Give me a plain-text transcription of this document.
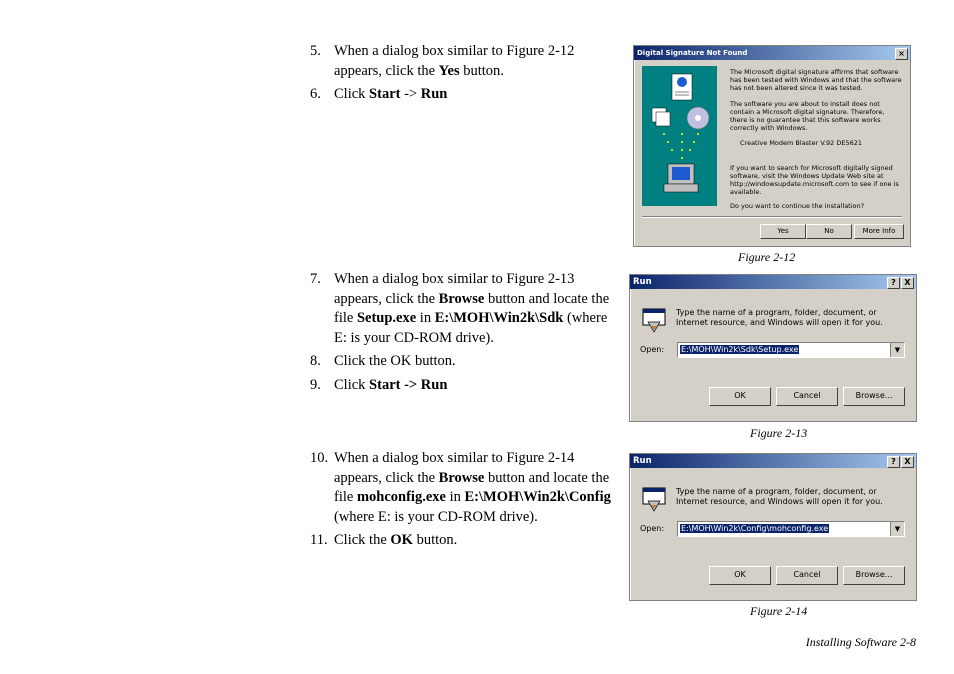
5. When a dialog box similar to Figure 2-12 appears, click the Yes button.
6. Click Start -> Run
7. When a dialog box similar to Figure 2-13 appears, click the Browse button and locate the file Setup.exe in E:\MOH\Win2k\Sdk (where E: is your CD-ROM drive).
8. Click the OK button.
9. Click Start -> Run
10. When a dialog box similar to Figure 2-14 appears, click the Browse button and locate the file mohconfig.exe in E:\MOH\Win2k\Config (where E: is your CD-ROM drive).
11. Click the OK button.
Digital Signature Not Found	×
The Microsoft digital signature affirms that software has been tested with Windows and that the software has not been altered since it was tested.
The software you are about to install does not contain a Microsoft digital signature. Therefore, there is no guarantee that this software works correctly with Windows.
Creative Modem Blaster V.92 DE5621
If you want to search for Microsoft digitally signed software, visit the Windows Update Web site at http://windowsupdate.microsoft.com to see if one is available.
Do you want to continue the installation?
Yes	No	More Info
Figure 2-12
Run	?	X
Type the name of a program, folder, document, or Internet resource, and Windows will open it for you.
Open:	E:\MOH\Win2k\Sdk\Setup.exe	▼
OK	Cancel	Browse...
Figure 2-13
Run	?	X
Type the name of a program, folder, document, or Internet resource, and Windows will open it for you.
Open:	E:\MOH\Win2k\Config\mohconfig.exe	▼
OK	Cancel	Browse...
Figure 2-14
Installing Software 2-8
